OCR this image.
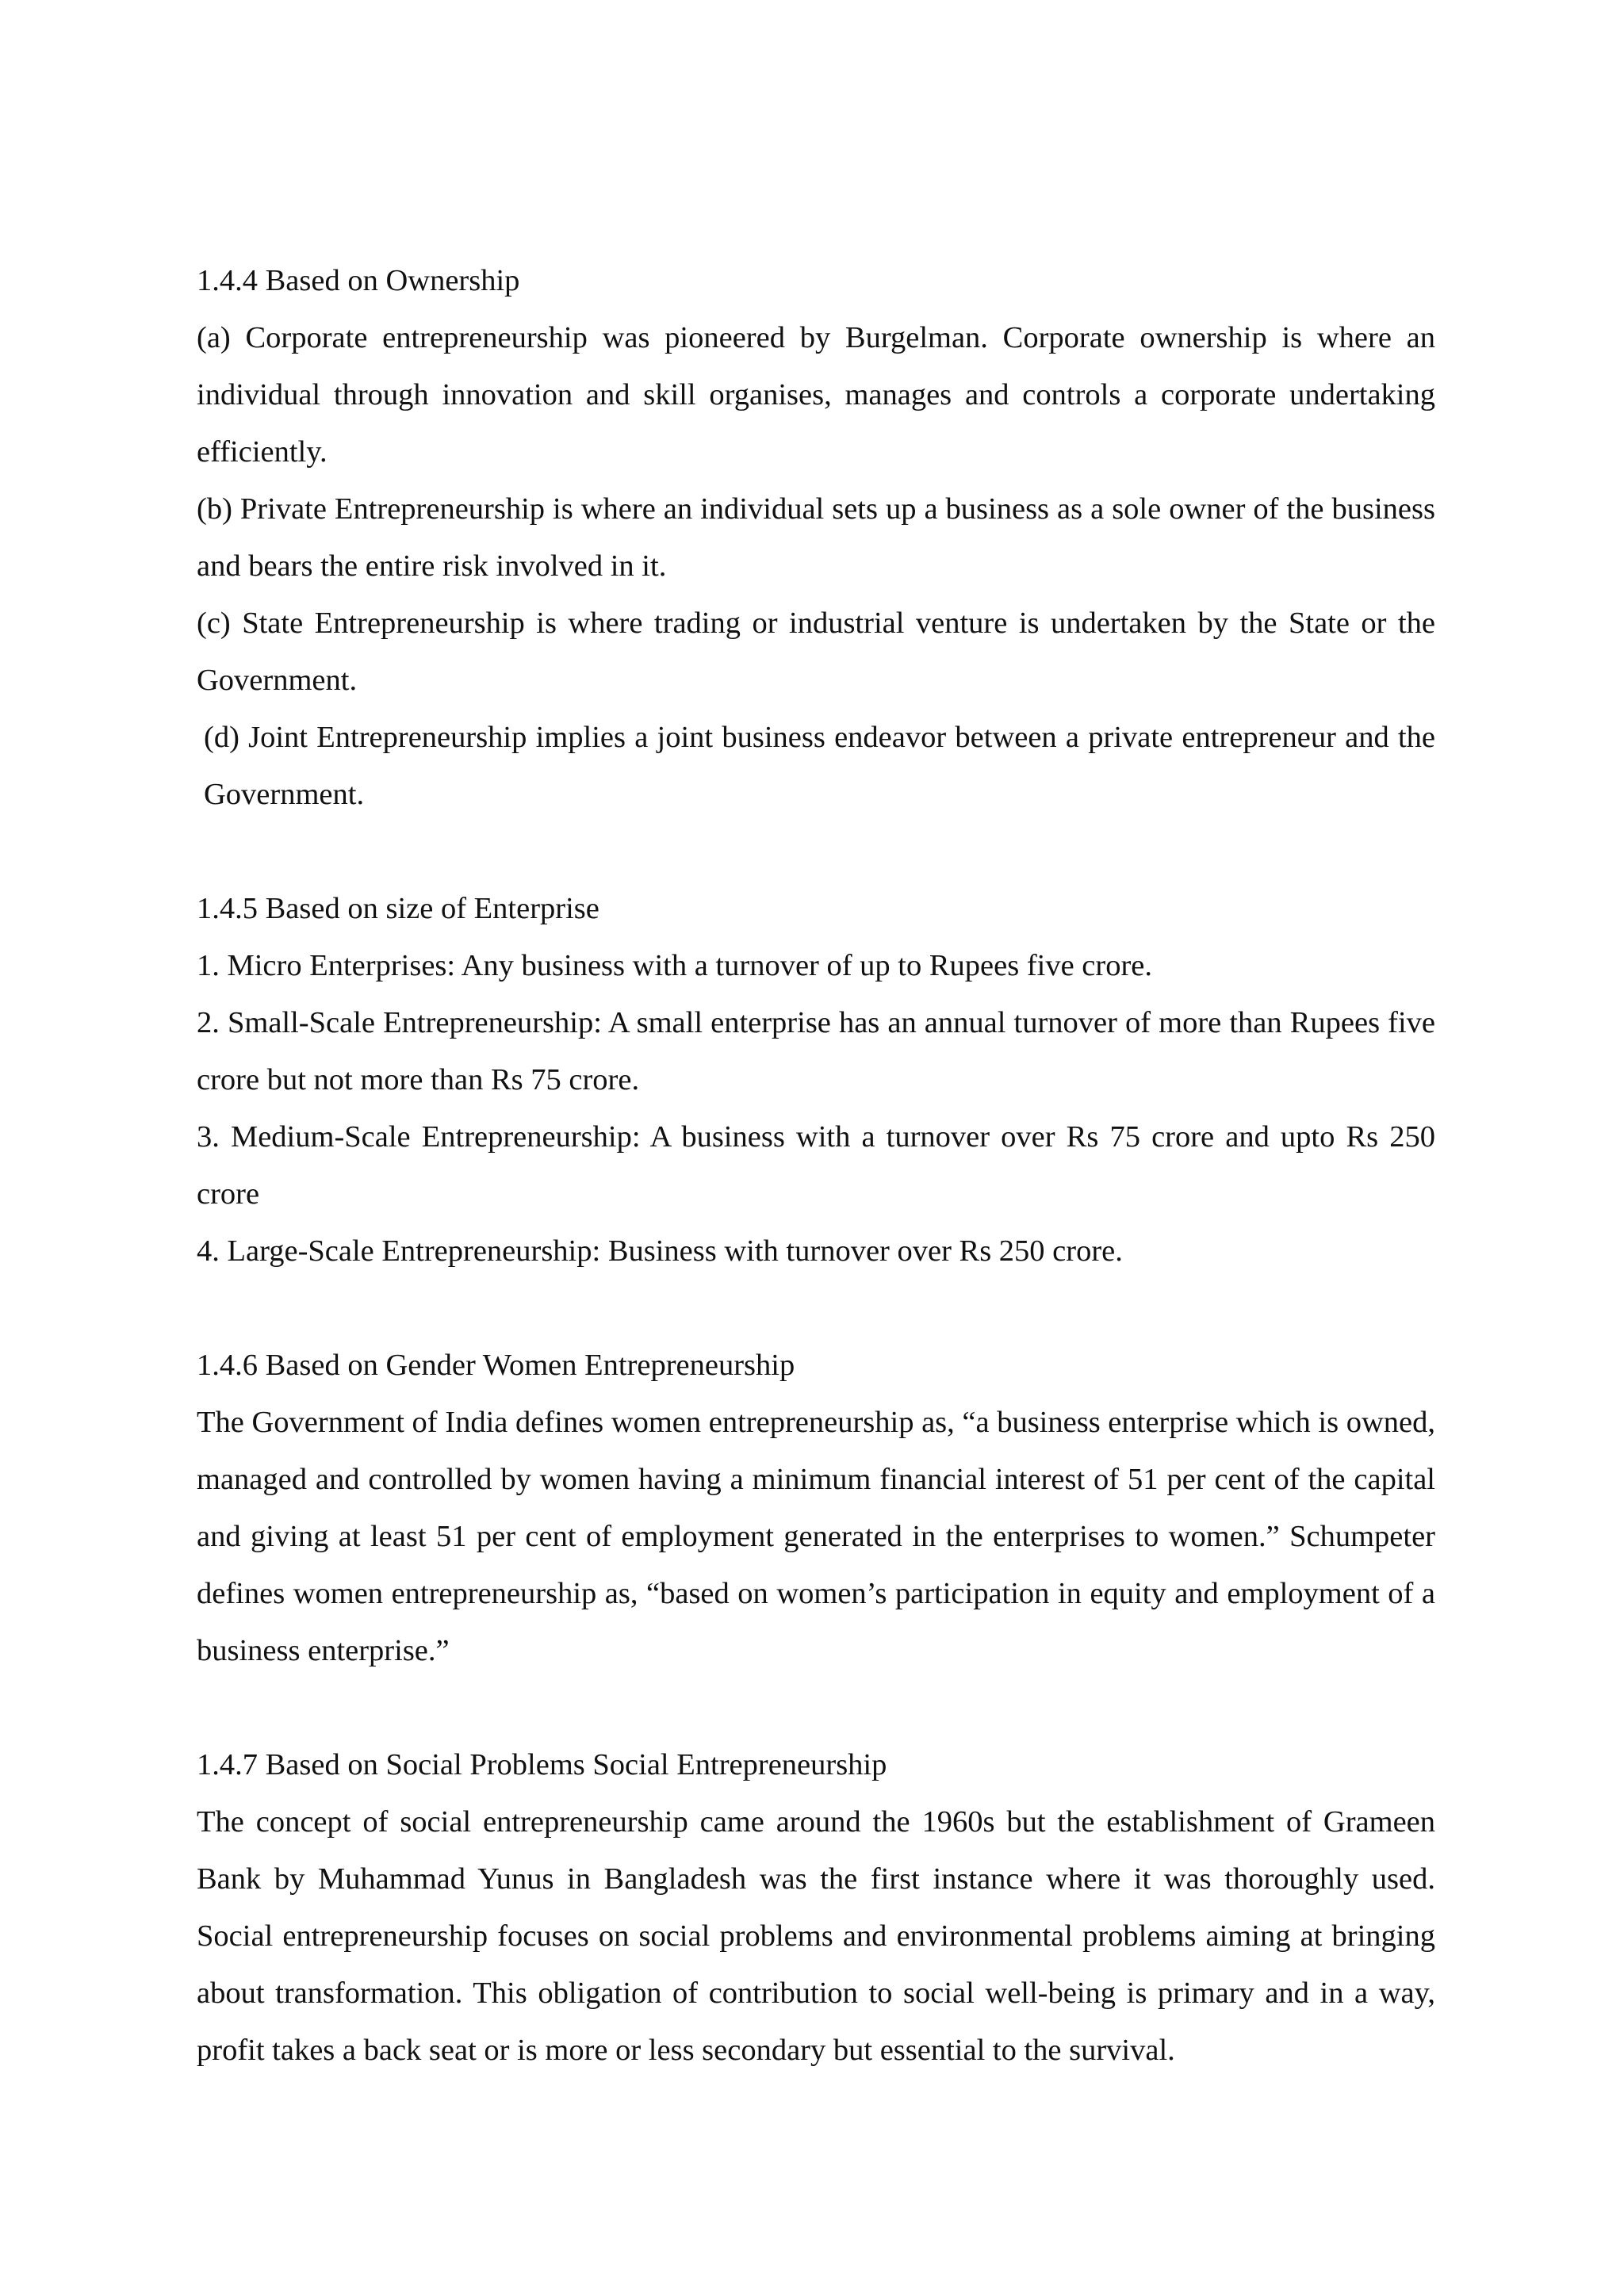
1.4.4 Based on Ownership

(a) Corporate entrepreneurship was pioneered by Burgelman. Corporate ownership is where an individual through innovation and skill organises, manages and controls a corporate undertaking efficiently.

(b) Private Entrepreneurship is where an individual sets up a business as a sole owner of the business and bears the entire risk involved in it.

(c) State Entrepreneurship is where trading or industrial venture is undertaken by the State or the Government.

(d) Joint Entrepreneurship implies a joint business endeavor between a private entrepreneur and the Government.

1.4.5 Based on size of Enterprise

1. Micro Enterprises: Any business with a turnover of up to Rupees five crore.

2. Small-Scale Entrepreneurship: A small enterprise has an annual turnover of more than Rupees five crore but not more than Rs 75 crore.

3. Medium-Scale Entrepreneurship: A business with a turnover over Rs 75 crore and upto Rs 250 crore

4. Large-Scale Entrepreneurship: Business with turnover over Rs 250 crore.

1.4.6 Based on Gender Women Entrepreneurship

The Government of India defines women entrepreneurship as, “a business enterprise which is owned, managed and controlled by women having a minimum financial interest of 51 per cent of the capital and giving at least 51 per cent of employment generated in the enterprises to women.” Schumpeter defines women entrepreneurship as, “based on women’s participation in equity and employment of a business enterprise.”

1.4.7 Based on Social Problems Social Entrepreneurship

The concept of social entrepreneurship came around the 1960s but the establishment of Grameen Bank by Muhammad Yunus in Bangladesh was the first instance where it was thoroughly used. Social entrepreneurship focuses on social problems and environmental problems aiming at bringing about transformation. This obligation of contribution to social well-being is primary and in a way, profit takes a back seat or is more or less secondary but essential to the survival.
